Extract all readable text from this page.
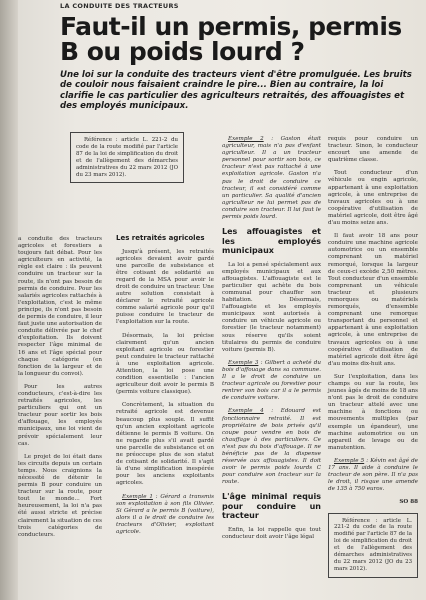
LA CONDUITE DES TRACTEURS
Faut-il un permis, permis B ou poids lourd ?

Une loi sur la conduite des tracteurs vient d'être promulguée. Les bruits de couloir nous faisaient craindre le pire... Bien au contraire, la loi clarifie le cas particulier des agriculteurs retraités, des affouagistes et des employés municipaux.

Référence : article L. 221-2 du code de la route modifié par l'article 87 de la loi de simplification du droit et de l'allègement des démarches administratives du 22 mars 2012 (JO du 23 mars 2012).

a conduite des tracteurs agricoles et forestiers a toujours fait débat. Pour les agriculteurs en activité, la règle est claire : ils peuvent conduire un tracteur sur la route, ils n'ont pas besoin de permis de conduire. Pour les salariés agricoles rattachés à l'exploitation, c'est le même principe, ils n'ont pas besoin de permis de conduire, il leur faut juste une autorisation de conduite délivrée par le chef d'exploitation. Ils doivent respecter l'âge minimal de 16 ans et l'âge spécial pour chaque catégorie (en fonction de la largeur et de la longueur du convoi).

Pour les autres conducteurs, c'est-à-dire les retraités agricoles, les particuliers qui ont un tracteur pour sortir les bois d'affouage, les employés municipaux, une loi vient de prévoir spécialement leur cas.

Le projet de loi était dans les circuits depuis un certain temps. Nous craignions la nécessité de détenir le permis B pour conduire un tracteur sur la route, pour tout le monde... Fort heureusement, la loi n'a pas été aussi stricte et précise clairement la situation de ces trois catégories de conducteurs.

Les retraités agricoles

Jusqu'à présent, les retraités agricoles devaient avoir gardé une parcelle de subsistance et être cotisant de solidarité au regard de la MSA pour avoir le droit de conduire un tracteur. Une autre solution consistait à déclarer le retraité agricole comme salarié agricole pour qu'il puisse conduire le tracteur de l'exploitation sur la route.

Désormais, la loi précise clairement qu'un ancien exploitant agricole ou forestier peut conduire le tracteur rattaché à une exploitation agricole. Attention, la loi pose une condition essentielle : l'ancien agriculteur doit avoir le permis B (permis voiture classique).

Concrètement, la situation du retraité agricole est devenue beaucoup plus souple. Il suffit qu'un ancien exploitant agricole détienne le permis B voiture. On ne regarde plus s'il avait gardé une parcelle de subsistance et on ne préoccupe plus de son statut de cotisant de solidarité. Il s'agit là d'une simplification inespérée pour les anciens exploitants agricoles.

Exemple 1 : Gérard a transmis son exploitation à son fils Olivier. Si Gérard a le permis B (voiture), alors il a le droit de conduire les tracteurs d'Olivier, exploitant agricole.

Exemple 2 : Gaston était agriculteur, mais n'a pas d'enfant agriculteur. Il a un tracteur personnel pour sortir son bois, ce tracteur n'est pas rattaché à une exploitation agricole. Gaston n'a pas le droit de conduire ce tracteur, il est considéré comme un particulier. Sa qualité d'ancien agriculteur ne lui permet pas de conduire son tracteur. Il lui faut le permis poids lourd.

Les affouagistes et les employés municipaux

La loi a pensé spécialement aux employés municipaux et aux affouagistes. L'affouagiste est le particulier qui achète du bois communal pour chauffer son habitation. Désormais, l'affouagiste et les employés municipaux sont autorisés à conduire un véhicule agricole ou forestier (le tracteur notamment) sous réserve qu'ils soient titulaires du permis de conduire voiture (permis B).

Exemple 3 : Gilbert a acheté du bois d'affouage dans sa commune. Il a le droit de conduire un tracteur agricole ou forestier pour rentrer son bois car il a le permis de conduire voiture.

Exemple 4 : Edouard est fonctionnaire retraité. Il est propriétaire de bois privés qu'il coupe pour vendre en bois de chauffage à des particuliers. Ce n'est pas du bois d'affouage. Il ne bénéficie pas de la dispense réservée aux affouagistes. Il doit avoir le permis poids lourds C pour conduire son tracteur sur la route.

L'âge minimal requis pour conduire un tracteur

Enfin, la loi rappelle que tout conducteur doit avoir l'âge légal

requis pour conduire un tracteur. Sinon, le conducteur encourt une amende de quatrième classe.

Tout conducteur d'un véhicule ou engin agricole, appartenant à une exploitation agricole, à une entreprise de travaux agricoles ou à une coopérative d'utilisation de matériel agricole, doit être âgé d'au moins seize ans.

Il faut avoir 18 ans pour conduire une machine agricole automotrice ou un ensemble comprenant un matériel remorqué, lorsque la largeur de ceux-ci excède 2,50 mètres. Tout conducteur d'un ensemble comprenant un véhicule tracteur et plusieurs remorques ou matériels remorqués, d'ensemble comprenant une remorque transportant du personnel et appartenant à une exploitation agricole, à une entreprise de travaux agricoles ou à une coopérative d'utilisation de matériel agricole doit être âgé d'au moins dix-huit ans.

Sur l'exploitation, dans les champs ou sur la route, les jeunes âgés de moins de 18 ans n'ont pas le droit de conduire un tracteur attelé avec une machine à fonctions ou mouvements multiples (par exemple un épandeur), une machine automotrice ou un appareil de levage ou de manutention.

Exemple 5 : Kévin est âgé de 17 ans. Il aide à conduire le tracteur de son père. Il n'a pas le droit, il risque une amende de 135 à 750 euros.

SO 88

Référence : article L. 221-2 du code de la route modifié par l'article 87 de la loi de simplification du droit et de l'allègement des démarches administratives du 22 mars 2012 (JO du 23 mars 2012).
